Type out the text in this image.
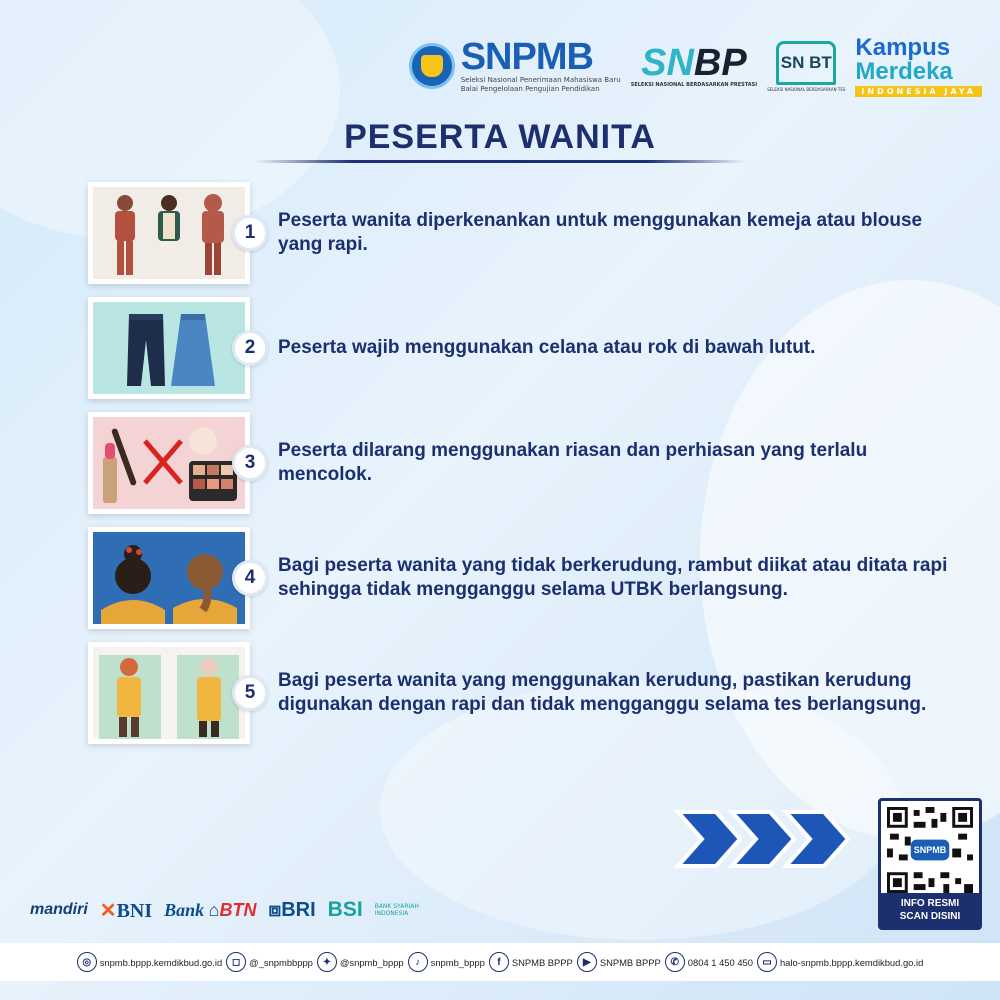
SNPMB
Seleksi Nasional Penerimaan Mahasiswa Baru
Balai Pengelolaan Pengujian Pendidikan
SNBP
SELEKSI NASIONAL BERDASARKAN PRESTASI
SN BT
SELEKSI NASIONAL BERDASARKAN TES
Kampus
Merdeka
INDONESIA JAYA
PESERTA WANITA
1
Peserta wanita diperkenankan untuk menggunakan kemeja atau blouse yang rapi.
2	Peserta wajib menggunakan celana atau rok di bawah lutut.
3
Peserta dilarang menggunakan riasan dan perhiasan yang terlalu mencolok.
4
Bagi peserta wanita yang tidak berkerudung, rambut diikat atau ditata rapi sehingga tidak mengganggu selama UTBK berlangsung.
5
Bagi peserta wanita yang menggunakan kerudung, pastikan kerudung digunakan dengan rapi dan tidak mengganggu selama tes berlangsung.
SNPMB
INFO RESMI
SCAN DISINI
mandiri ✕BNI Bank ⌂BTN ⧈BRI BSI BANK SYARIAH INDONESIA
◎ snpmb.bppp.kemdikbud.go.id ◻ @_snpmbbppp ✦ @snpmb_bppp	♪	snpmb_bppp	f	SNPMB BPPP	▶ SNPMB BPPP ✆ 0804 1 450 450 ▭ halo-snpmb.bppp.kemdikbud.go.id
